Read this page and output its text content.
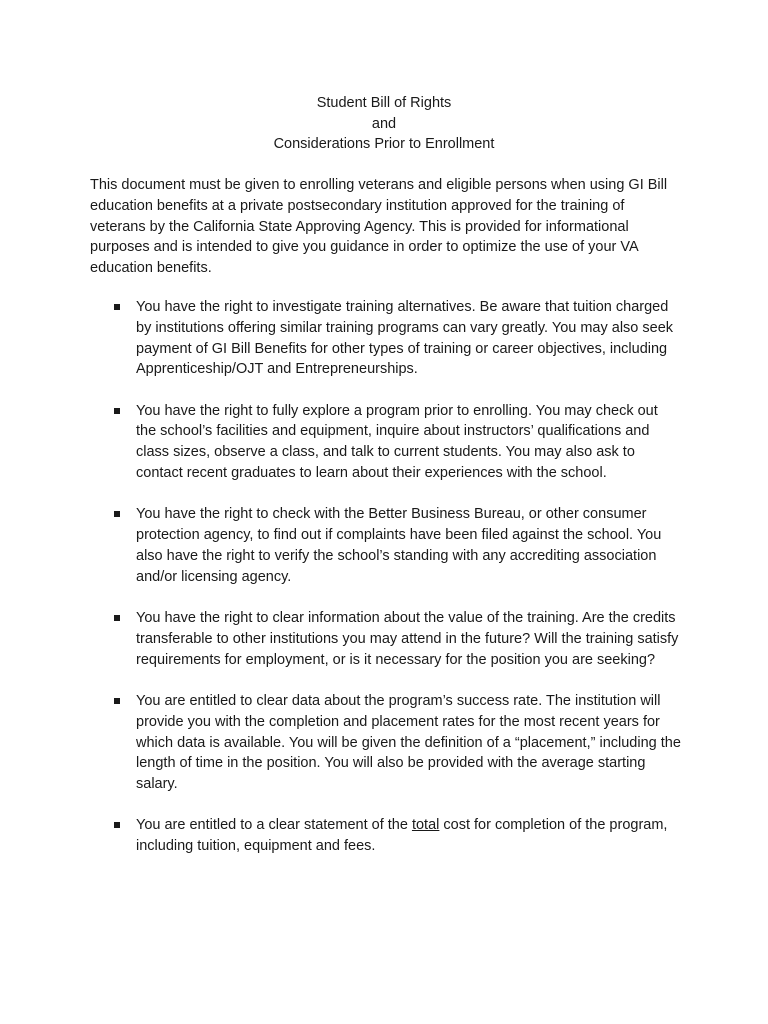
Student Bill of Rights
and
Considerations Prior to Enrollment

This document must be given to enrolling veterans and eligible persons when using GI Bill education benefits at a private postsecondary institution approved for the training of veterans by the California State Approving Agency. This is provided for informational purposes and is intended to give you guidance in order to optimize the use of your VA education benefits.

You have the right to investigate training alternatives. Be aware that tuition charged by institutions offering similar training programs can vary greatly. You may also seek payment of GI Bill Benefits for other types of training or career objectives, including Apprenticeship/OJT and Entrepreneurships.
You have the right to fully explore a program prior to enrolling. You may check out the school’s facilities and equipment, inquire about instructors’ qualifications and class sizes, observe a class, and talk to current students. You may also ask to contact recent graduates to learn about their experiences with the school.
You have the right to check with the Better Business Bureau, or other consumer protection agency, to find out if complaints have been filed against the school. You also have the right to verify the school’s standing with any accrediting association and/or licensing agency.
You have the right to clear information about the value of the training. Are the credits transferable to other institutions you may attend in the future? Will the training satisfy requirements for employment, or is it necessary for the position you are seeking?
You are entitled to clear data about the program’s success rate. The institution will provide you with the completion and placement rates for the most recent years for which data is available. You will be given the definition of a “placement,” including the length of time in the position. You will also be provided with the average starting salary.
You are entitled to a clear statement of the total cost for completion of the program, including tuition, equipment and fees.
